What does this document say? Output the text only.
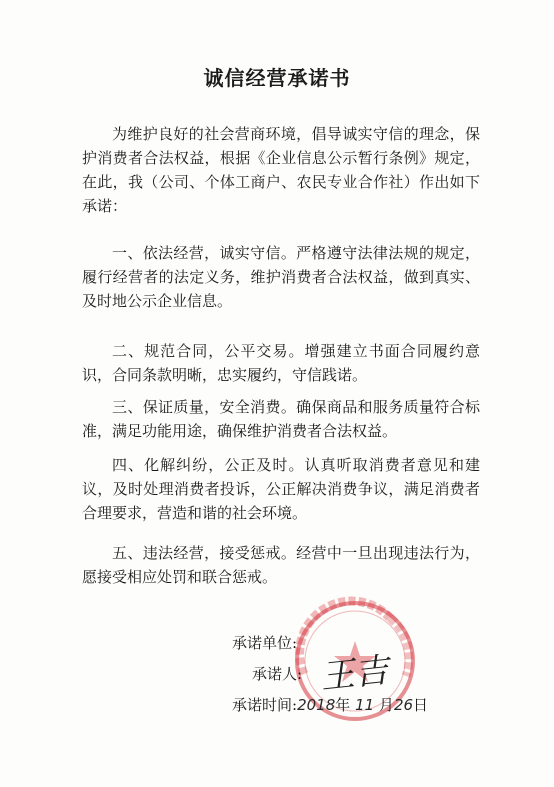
诚信经营承诺书

为维护良好的社会营商环境，倡导诚实守信的理念，保护消费者合法权益，根据《企业信息公示暂行条例》规定，在此，我（公司、个体工商户、农民专业合作社）作出如下承诺：

一、依法经营，诚实守信。严格遵守法律法规的规定，履行经营者的法定义务，维护消费者合法权益，做到真实、及时地公示企业信息。

二、规范合同，公平交易。增强建立书面合同履约意识，合同条款明晰，忠实履约，守信践诺。

三、保证质量，安全消费。确保商品和服务质量符合标准，满足功能用途，确保维护消费者合法权益。

四、化解纠纷，公正及时。认真听取消费者意见和建议，及时处理消费者投诉，公正解决消费争议，满足消费者合理要求，营造和谐的社会环境。

五、违法经营，接受惩戒。经营中一旦出现违法行为，愿接受相应处罚和联合惩戒。

承诺单位:
承诺人: 王吉
承诺时间:2018年 11 月26日
